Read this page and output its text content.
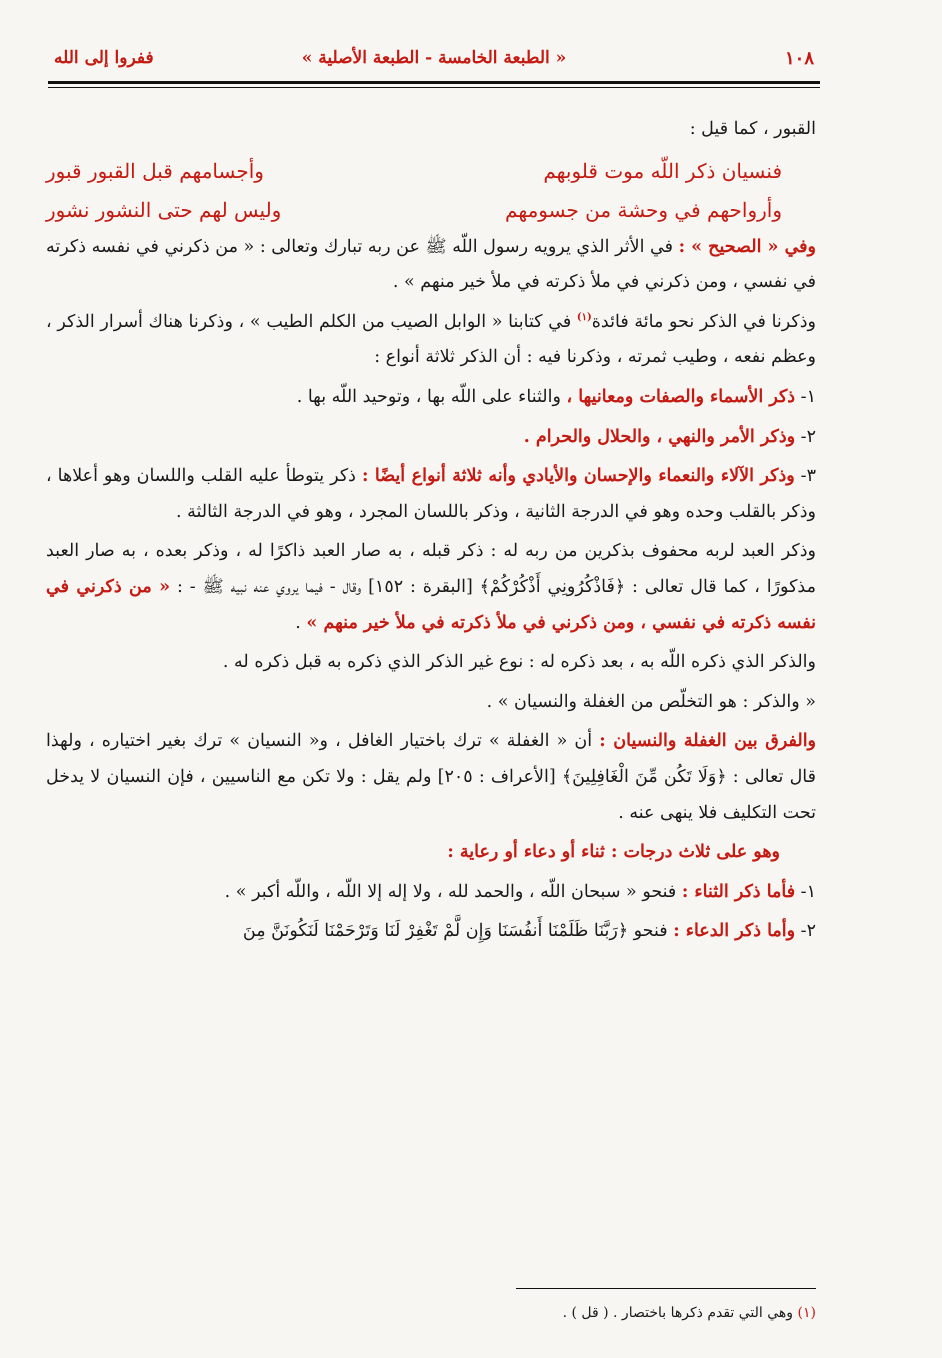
١٠٨
« الطبعة الخامسة - الطبعة الأصلية »
ففروا إلى الله

القبور ، كما قيل :

فنسيان ذكر اللّه موت قلوبهم
وأجسامهم قبل القبور قبور
وأرواحهم في وحشة من جسومهم
وليس لهم حتى النشور نشور

وفي « الصحيح » : في الأثر الذي يرويه رسول اللّه ﷺ عن ربه تبارك وتعالى : « من ذكرني في نفسه ذكرته في نفسي ، ومن ذكرني في ملأ ذكرته في ملأ خير منهم » .

وذكرنا في الذكر نحو مائة فائدة$^{(١)}$ في كتابنا « الوابل الصيب من الكلم الطيب » ، وذكرنا هناك أسرار الذكر ، وعظم نفعه ، وطيب ثمرته ، وذكرنا فيه : أن الذكر ثلاثة أنواع :

١- ذكر الأسماء والصفات ومعانيها ، والثناء على اللّه بها ، وتوحيد اللّه بها .

٢- وذكر الأمر والنهي ، والحلال والحرام .

٣- وذكر الآلاء والنعماء والإحسان والأيادي وأنه ثلاثة أنواع أيضًا : ذكر يتوطأ عليه القلب واللسان وهو أعلاها ، وذكر بالقلب وحده وهو في الدرجة الثانية ، وذكر باللسان المجرد ، وهو في الدرجة الثالثة .

وذكر العبد لربه محفوف بذكرين من ربه له : ذكر قبله ، به صار العبد ذاكرًا له ، وذكر بعده ، به صار العبد مذكورًا ، كما قال تعالى : ﴿فَاذْكُرُونِي أَذْكُرْكُمْ﴾ [البقرة : ١٥٢] وقال - فيما يروي عنه نبيه ﷺ - : « من ذكرني في نفسه ذكرته في نفسي ، ومن ذكرني في ملأ ذكرته في ملأ خير منهم » .

والذكر الذي ذكره اللّه به ، بعد ذكره له : نوع غير الذكر الذي ذكره به قبل ذكره له .

« والذكر : هو التخلّص من الغفلة والنسيان » .

والفرق بين الغفلة والنسيان : أن « الغفلة » ترك باختيار الغافل ، و« النسيان » ترك بغير اختياره ، ولهذا قال تعالى : ﴿وَلَا تَكُن مِّنَ الْغَافِلِينَ﴾ [الأعراف : ٢٠٥] ولم يقل : ولا تكن مع الناسيين ، فإن النسيان لا يدخل تحت التكليف فلا ينهى عنه .

وهو على ثلاث درجات : ثناء أو دعاء أو رعاية :

١- فأما ذكر الثناء : فنحو « سبحان اللّه ، والحمد لله ، ولا إله إلا اللّه ، واللّه أكبر » .

٢- وأما ذكر الدعاء : فنحو ﴿رَبَّنَا ظَلَمْنَا أَنفُسَنَا وَإِن لَّمْ تَغْفِرْ لَنَا وَتَرْحَمْنَا لَنَكُونَنَّ مِنَ

(١) وهي التي تقدم ذكرها باختصار . ( قل ) .
